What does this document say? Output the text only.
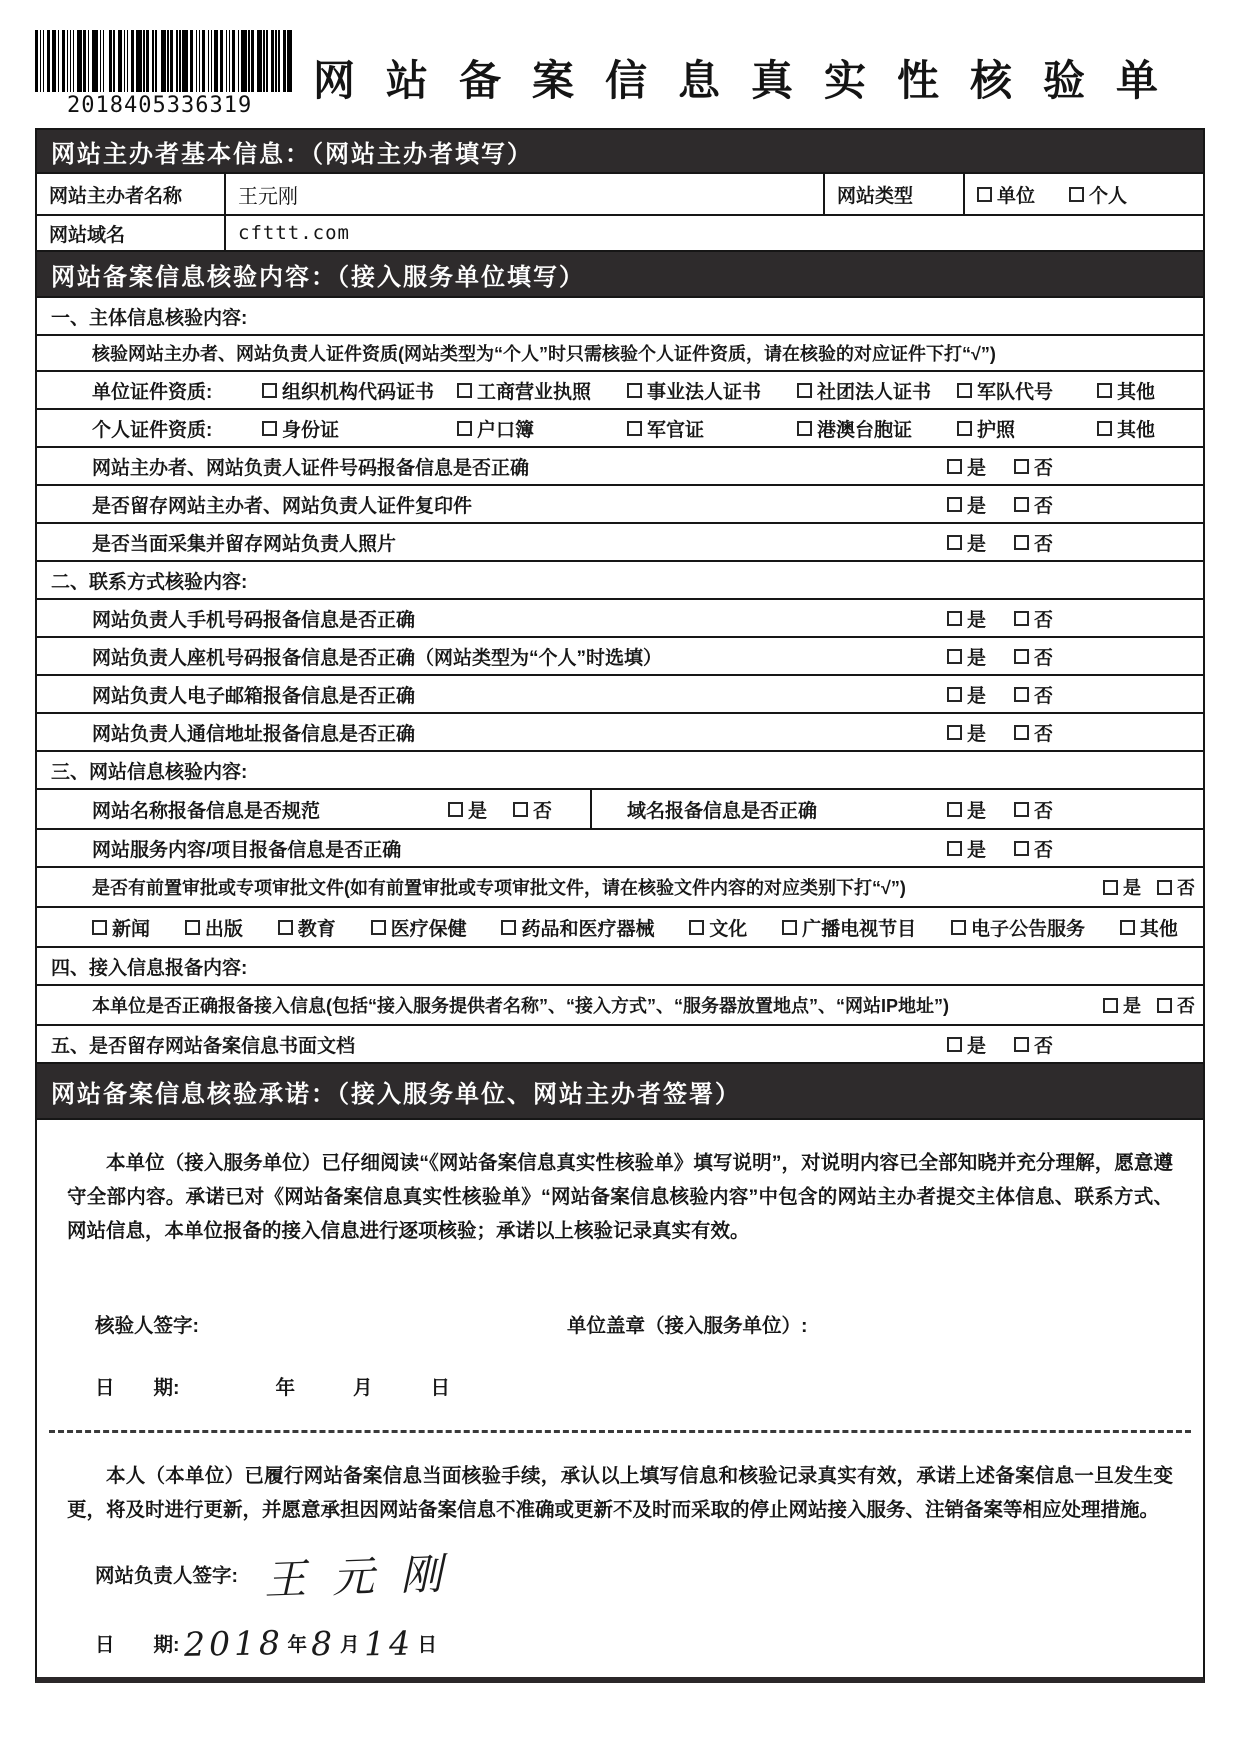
2018405336319
网站备案信息真实性核验单
网站主办者基本信息：（网站主办者填写）
网站主办者名称	王元刚	网站类型	单位	个人
网站域名	cfttt.com
网站备案信息核验内容：（接入服务单位填写）
一、主体信息核验内容:
核验网站主办者、网站负责人证件资质(网站类型为“个人”时只需核验个人证件资质，请在核验的对应证件下打“√”)
单位证件资质:	组织机构代码证书 工商营业执照	事业法人证书	社团法人证书 军队代号	其他
个人证件资质:	身份证	户口簿	军官证	港澳台胞证	护照	其他
网站主办者、网站负责人证件号码报备信息是否正确	是	否
是否留存网站主办者、网站负责人证件复印件	是	否
是否当面采集并留存网站负责人照片	是	否
二、联系方式核验内容:
网站负责人手机号码报备信息是否正确	是	否
网站负责人座机号码报备信息是否正确（网站类型为“个人”时选填）	是	否
网站负责人电子邮箱报备信息是否正确	是	否
网站负责人通信地址报备信息是否正确	是	否
三、网站信息核验内容:
网站名称报备信息是否规范	是 否	域名报备信息是否正确	是	否
网站服务内容/项目报备信息是否正确	是	否
是否有前置审批或专项审批文件(如有前置审批或专项审批文件，请在核验文件内容的对应类别下打“√”)	是 否
新闻	出版	教育	医疗保健	药品和医疗器械	文化	广播电视节目	电子公告服务	其他
四、接入信息报备内容:
本单位是否正确报备接入信息(包括“接入服务提供者名称”、“接入方式”、“服务器放置地点”、“网站IP地址”)	是 否
五、是否留存网站备案信息书面文档	是	否
网站备案信息核验承诺：（接入服务单位、网站主办者签署）

本单位（接入服务单位）已仔细阅读“《网站备案信息真实性核验单》填写说明”，对说明内容已全部知晓并充分理解，愿意遵守全部内容。承诺已对《网站备案信息真实性核验单》“网站备案信息核验内容”中包含的网站主办者提交主体信息、联系方式、网站信息，本单位报备的接入信息进行逐项核验；承诺以上核验记录真实有效。

核验人签字:	单位盖章（接入服务单位）:
日　　期:	年	月	日

本人（本单位）已履行网站备案信息当面核验手续，承认以上填写信息和核验记录真实有效，承诺上述备案信息一旦发生变更，将及时进行更新，并愿意承担因网站备案信息不准确或更新不及时而采取的停止网站接入服务、注销备案等相应处理措施。

网站负责人签字: 王元刚
日　　期: 2018 年 8 月 14 日
